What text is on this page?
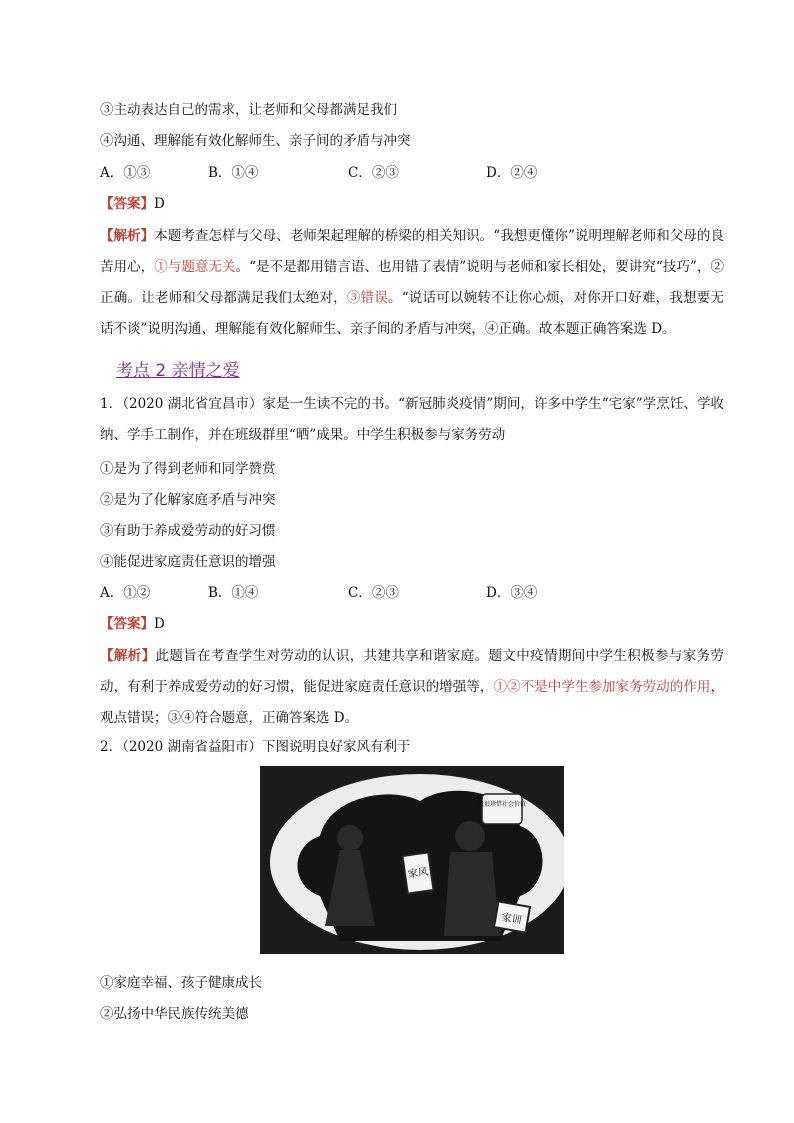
③主动表达自己的需求，让老师和父母都满足我们
④沟通、理解能有效化解师生、亲子间的矛盾与冲突
A．①③	B．①④	C．②③	D．②④
【答案】D
【解析】本题考查怎样与父母、老师架起理解的桥梁的相关知识。“我想更懂你”说明理解老师和父母的良苦用心，①与题意无关。“是不是都用错言语、也用错了表情”说明与老师和家长相处，要讲究“技巧”，② 正确。让老师和父母都满足我们太绝对，③错误。“说话可以婉转不让你心烦，对你开口好难，我想要无话不谈”说明沟通、理解能有效化解师生、亲子间的矛盾与冲突，④正确。故本题正确答案选 D。
考点 2 亲情之爱
1．（2020 湖北省宜昌市）家是一生读不完的书。“新冠肺炎疫情”期间，许多中学生“宅家”学烹饪、学收纳、学手工制作，并在班级群里“晒”成果。中学生积极参与家务劳动
①是为了得到老师和同学赞赏
②是为了化解家庭矛盾与冲突
③有助于养成爱劳动的好习惯
④能促进家庭责任意识的增强
A．①②	B．①④	C．②③	D．③④
【答案】D
【解析】此题旨在考查学生对劳动的认识，共建共享和谐家庭。题文中疫情期间中学生积极参与家务劳动，有利于养成爱劳动的好习惯，能促进家庭责任意识的增强等，①②不是中学生参加家务劳动的作用，观点错误；③④符合题意，正确答案选 D。
2．（2020 湖南省益阳市）下图说明良好家风有利于
家风
我很珍惜社会价值
家训
①家庭幸福、孩子健康成长
②弘扬中华民族传统美德
